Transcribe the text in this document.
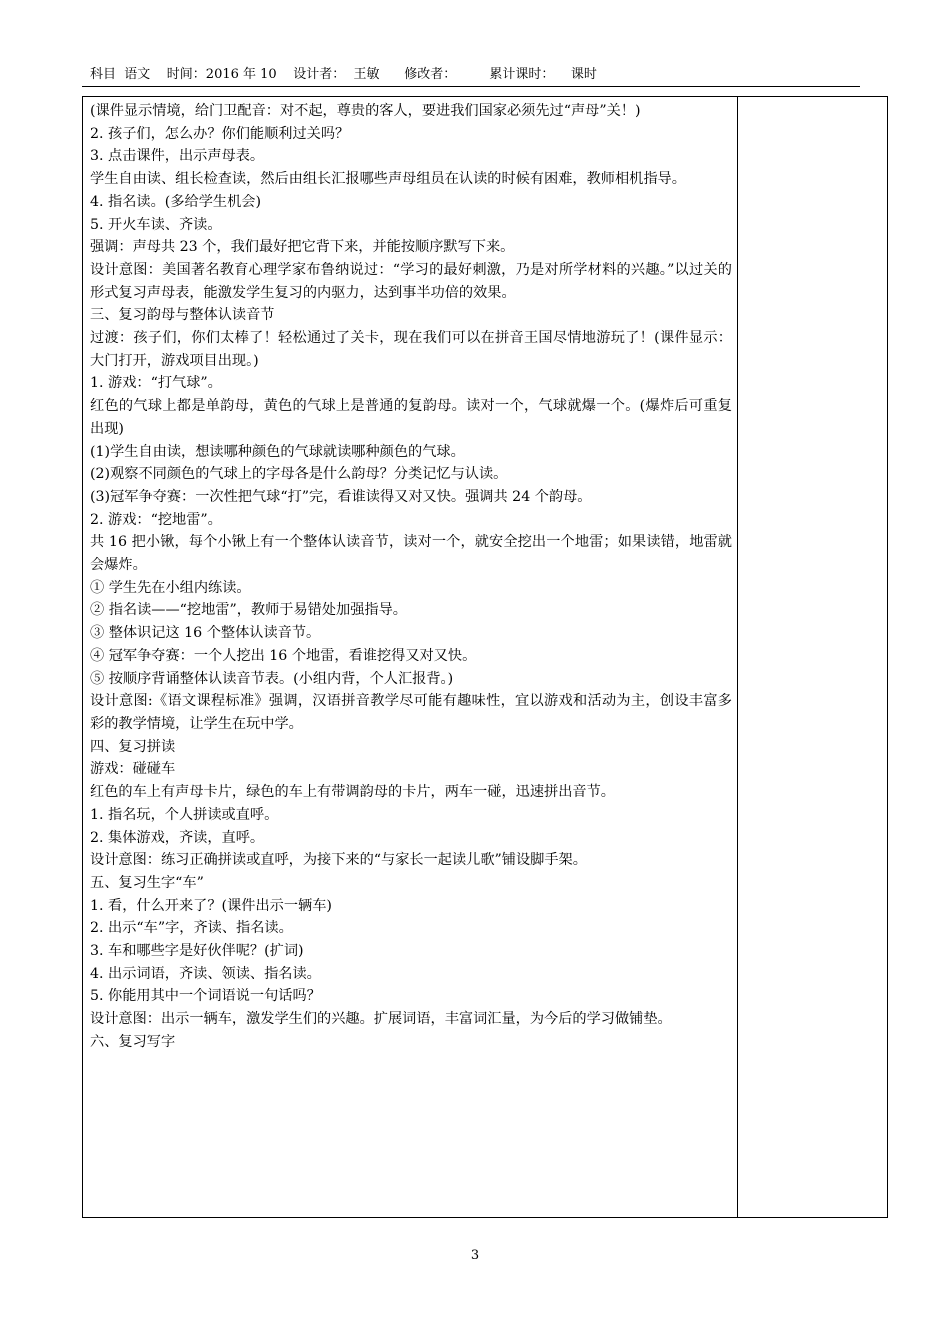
科目  语文    时间：2016 年 10    设计者：  王敏      修改者：        累计课时：    课时

(课件显示情境，给门卫配音：对不起，尊贵的客人，要进我们国家必须先过“声母”关！)

2. 孩子们，怎么办？你们能顺利过关吗？

3. 点击课件，出示声母表。

学生自由读、组长检查读，然后由组长汇报哪些声母组员在认读的时候有困难，教师相机指导。

4. 指名读。(多给学生机会)

5. 开火车读、齐读。

强调：声母共 23 个，我们最好把它背下来，并能按顺序默写下来。

设计意图：美国著名教育心理学家布鲁纳说过：“学习的最好刺激，乃是对所学材料的兴趣。”以过关的形式复习声母表，能激发学生复习的内驱力，达到事半功倍的效果。

三、复习韵母与整体认读音节

过渡：孩子们，你们太棒了！轻松通过了关卡，现在我们可以在拼音王国尽情地游玩了！(课件显示：大门打开，游戏项目出现。)

1. 游戏：“打气球”。

红色的气球上都是单韵母，黄色的气球上是普通的复韵母。读对一个，气球就爆一个。(爆炸后可重复出现)

(1)学生自由读，想读哪种颜色的气球就读哪种颜色的气球。

(2)观察不同颜色的气球上的字母各是什么韵母？分类记忆与认读。

(3)冠军争夺赛：一次性把气球“打”完，看谁读得又对又快。强调共 24 个韵母。

2. 游戏：“挖地雷”。

共 16 把小锹，每个小锹上有一个整体认读音节，读对一个，就安全挖出一个地雷；如果读错，地雷就会爆炸。

① 学生先在小组内练读。

② 指名读——“挖地雷”，教师于易错处加强指导。

③ 整体识记这 16 个整体认读音节。

④ 冠军争夺赛：一个人挖出 16 个地雷，看谁挖得又对又快。

⑤ 按顺序背诵整体认读音节表。(小组内背，个人汇报背。)

设计意图:《语文课程标准》强调，汉语拼音教学尽可能有趣味性，宜以游戏和活动为主，创设丰富多彩的教学情境，让学生在玩中学。

四、复习拼读

游戏：碰碰车

红色的车上有声母卡片，绿色的车上有带调韵母的卡片，两车一碰，迅速拼出音节。

1. 指名玩，个人拼读或直呼。

2. 集体游戏，齐读，直呼。

设计意图：练习正确拼读或直呼，为接下来的“与家长一起读儿歌”铺设脚手架。

五、复习生字“车”

1. 看，什么开来了？(课件出示一辆车)

2. 出示“车”字，齐读、指名读。

3. 车和哪些字是好伙伴呢？(扩词)

4. 出示词语，齐读、领读、指名读。

5. 你能用其中一个词语说一句话吗？

设计意图：出示一辆车，激发学生们的兴趣。扩展词语，丰富词汇量，为今后的学习做铺垫。

六、复习写字

3
